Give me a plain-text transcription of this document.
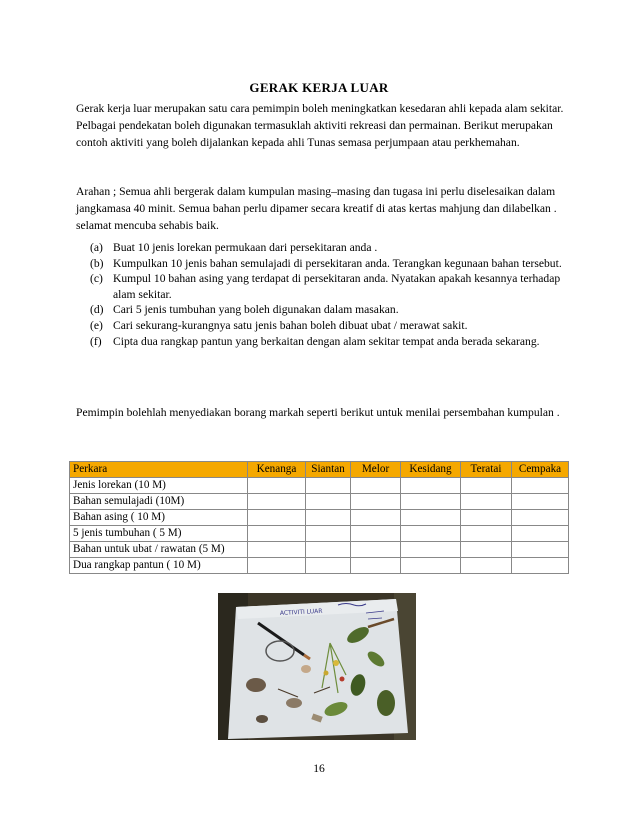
GERAK KERJA LUAR
Gerak kerja luar merupakan satu cara pemimpin boleh meningkatkan kesedaran ahli kepada alam sekitar. Pelbagai pendekatan boleh digunakan termasuklah aktiviti rekreasi dan permainan. Berikut merupakan contoh aktiviti yang boleh dijalankan kepada ahli Tunas semasa perjumpaan atau perkhemahan.
Arahan ; Semua ahli bergerak dalam kumpulan masing–masing dan tugasa ini perlu diselesaikan dalam jangkamasa 40 minit. Semua bahan perlu dipamer secara kreatif di atas kertas mahjung dan dilabelkan . selamat mencuba sehabis baik.
(a) Buat 10 jenis lorekan permukaan dari persekitaran anda .
(b) Kumpulkan 10 jenis bahan semulajadi di persekitaran anda. Terangkan kegunaan bahan tersebut.
(c) Kumpul 10 bahan asing yang terdapat di persekitaran anda. Nyatakan apakah kesannya terhadap alam sekitar.
(d) Cari 5 jenis tumbuhan yang boleh digunakan dalam masakan.
(e) Cari sekurang-kurangnya satu jenis bahan boleh dibuat ubat / merawat sakit.
(f) Cipta dua rangkap pantun yang berkaitan dengan alam sekitar tempat anda berada sekarang.
Pemimpin bolehlah menyediakan borang markah seperti berikut untuk menilai persembahan kumpulan .
Perkara	Kenanga	Siantan	Melor	Kesidang	Teratai	Cempaka
Jenis lorekan (10 M)						
Bahan semulajadi (10M)						
Bahan asing ( 10 M)						
5 jenis tumbuhan ( 5 M)						
Bahan untuk ubat / rawatan (5 M)						
Dua rangkap pantun ( 10 M)						
ACTIVITI LUAR
16
